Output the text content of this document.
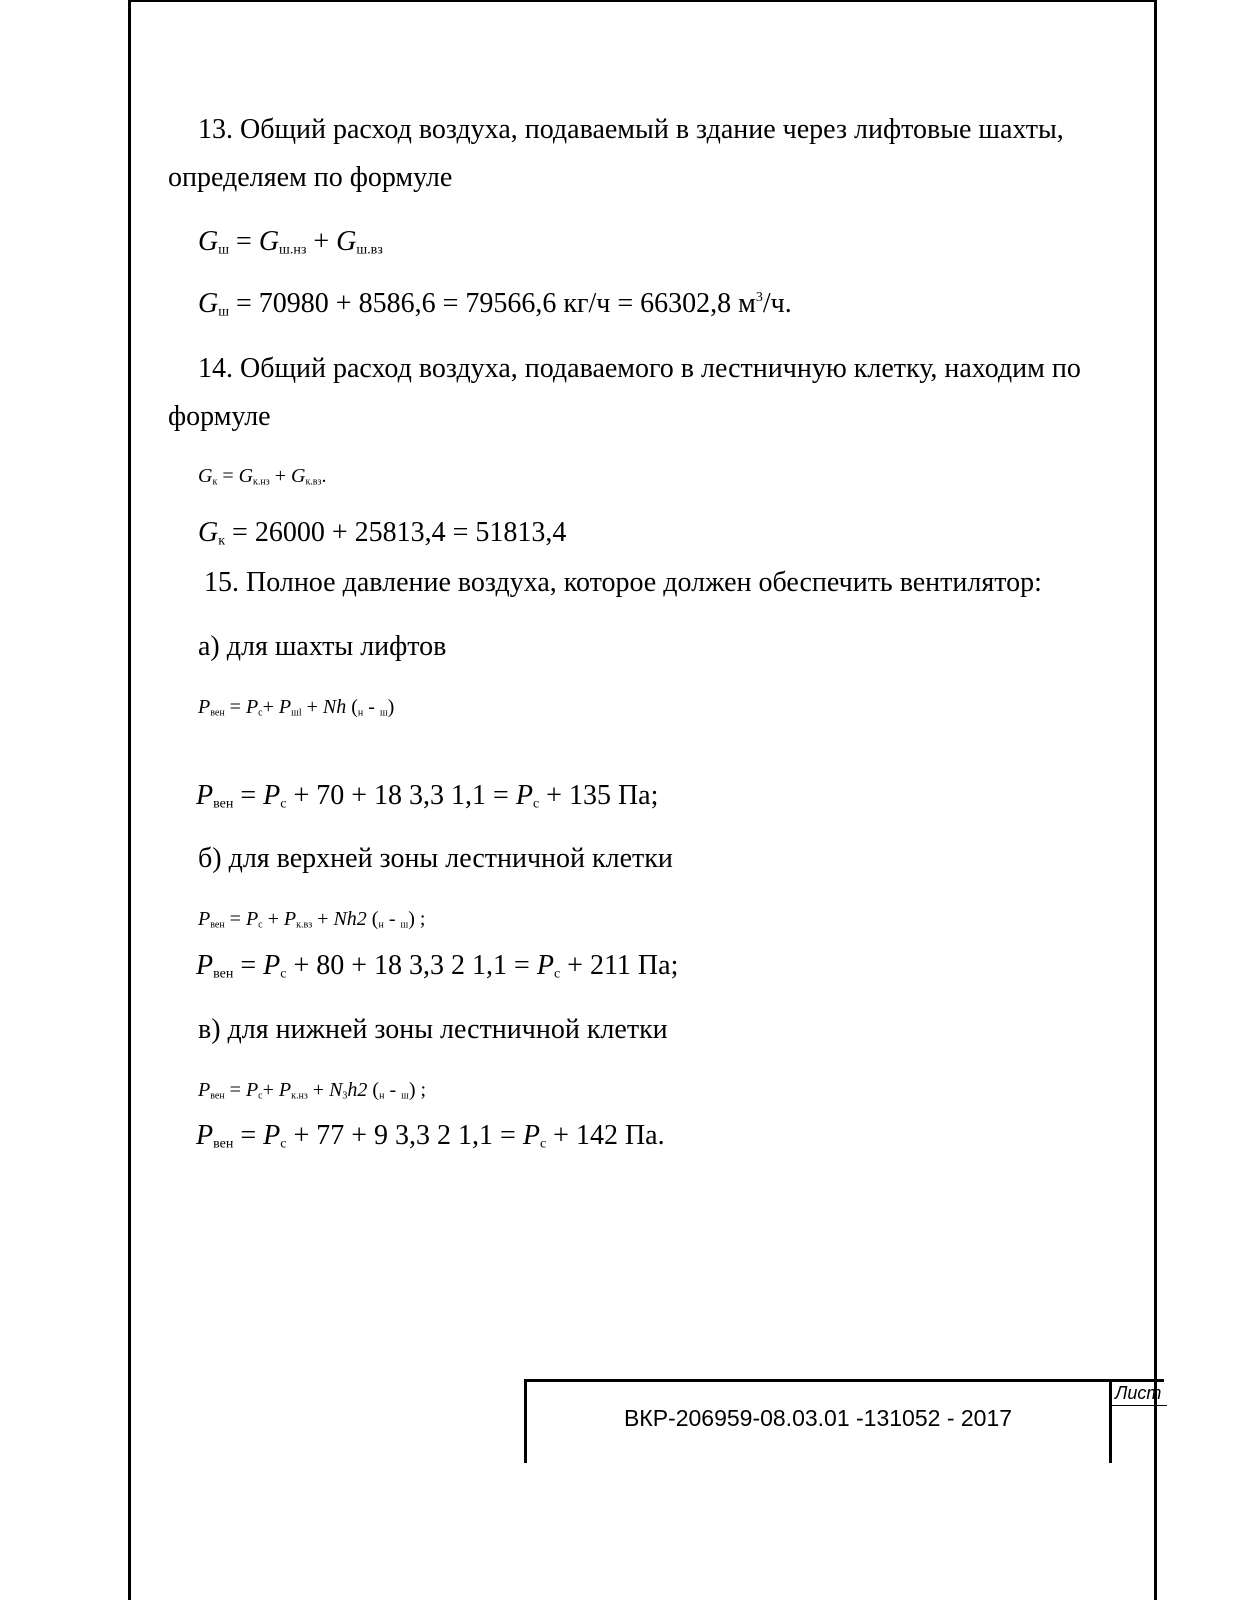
13. Общий расход воздуха, подаваемый в здание через лифтовые шахты,
определяем по формуле
$G_ш = G_{ш.нз} + G_{ш.вз}$
$G_ш = 70980 + 8586,6 = 79566,6$ кг/ч = 66302,8 $м^3/ч$.
14. Общий расход воздуха, подаваемого в лестничную клетку, находим по
формуле
$G_к = G_{к.нз} + G_{к.вз}$.
$G_к = 26000 + 25813,4 = 51813,4$
15. Полное давление воздуха, которое должен обеспечить вентилятор:
а) для шахты лифтов
$P_{вен} = P_с+ P_{шl} + Nh$ $(_н - _ш)$
$P_{вен} = P_с + 70 + 18$ 3,3 $1,1 = P_с + 135$ Па;
б) для верхней зоны лестничной клетки
$P_{вен} = P_с + P_{к.вз} + Nh2$ $(_н - _ш)$ ;
$P_{вен} = P_с + 80 + 18$ 3,3 2 $1,1 = P_с + 211$ Па;
в) для нижней зоны лестничной клетки
$P_{вен} = P_с+ P_{к.нз} + N_3h2$ $(_н - _ш)$ ;
$P_{вен} = P_с + 77 + 9$ 3,3 2 $1,1 = P_с + 142$ Па.
ВКР-206959-08.03.01 -131052 - 2017
Лист
